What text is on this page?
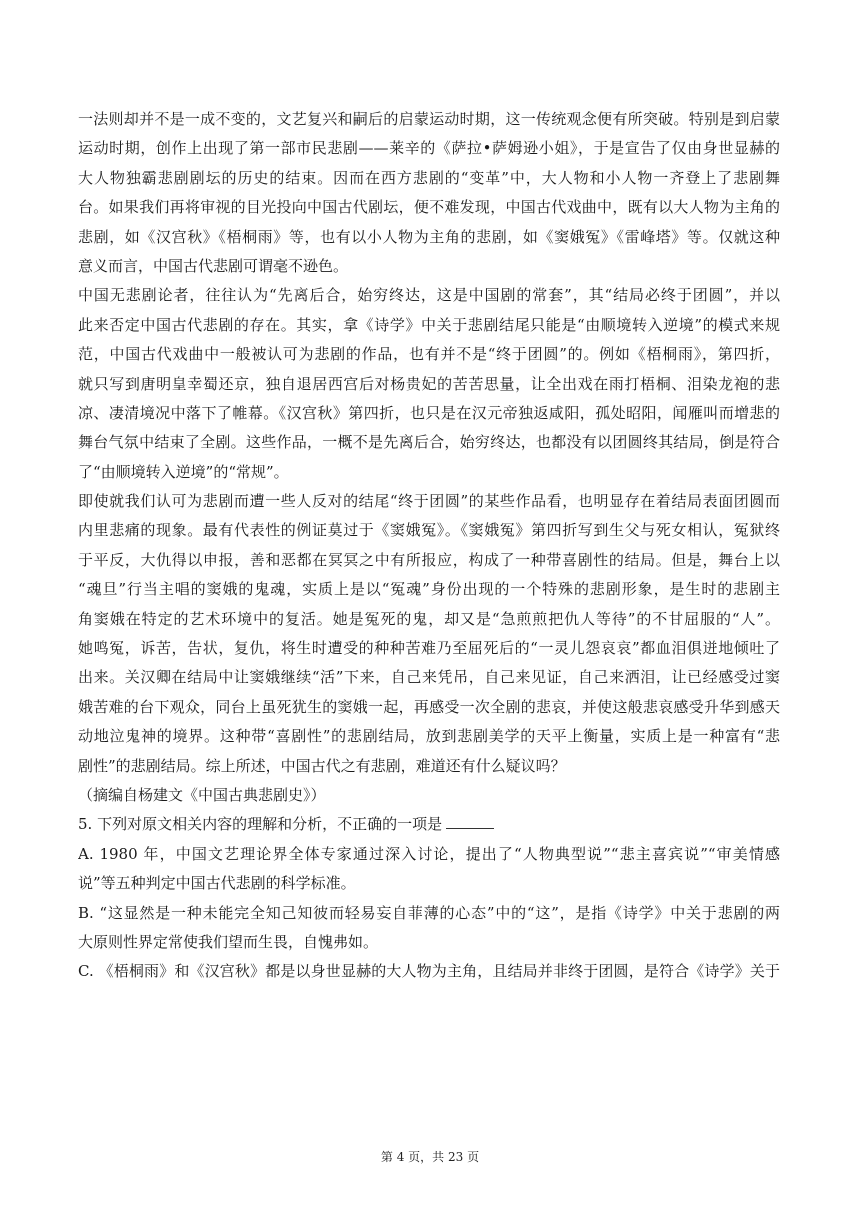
一法则却并不是一成不变的，文艺复兴和嗣后的启蒙运动时期，这一传统观念便有所突破。特别是到启蒙
运动时期，创作上出现了第一部市民悲剧——莱辛的《萨拉•萨姆逊小姐》，于是宣告了仅由身世显赫的
大人物独霸悲剧剧坛的历史的结束。因而在西方悲剧的“变革”中，大人物和小人物一齐登上了悲剧舞
台。如果我们再将审视的目光投向中国古代剧坛，便不难发现，中国古代戏曲中，既有以大人物为主角的
悲剧，如《汉宫秋》《梧桐雨》等，也有以小人物为主角的悲剧，如《窦娥冤》《雷峰塔》等。仅就这种
意义而言，中国古代悲剧可谓毫不逊色。
中国无悲剧论者，往往认为“先离后合，始穷终达，这是中国剧的常套”，其“结局必终于团圆”，并以
此来否定中国古代悲剧的存在。其实，拿《诗学》中关于悲剧结尾只能是“由顺境转入逆境”的模式来规
范，中国古代戏曲中一般被认可为悲剧的作品，也有并不是“终于团圆”的。例如《梧桐雨》，第四折，
就只写到唐明皇幸蜀还京，独自退居西宫后对杨贵妃的苦苦思量，让全出戏在雨打梧桐、泪染龙袍的悲
凉、凄清境况中落下了帷幕。《汉宫秋》第四折，也只是在汉元帝独返咸阳，孤处昭阳，闻雁叫而增悲的
舞台气氛中结束了全剧。这些作品，一概不是先离后合，始穷终达，也都没有以团圆终其结局，倒是符合
了“由顺境转入逆境”的“常规”。
即使就我们认可为悲剧而遭一些人反对的结尾“终于团圆”的某些作品看，也明显存在着结局表面团圆而
内里悲痛的现象。最有代表性的例证莫过于《窦娥冤》。《窦娥冤》第四折写到生父与死女相认，冤狱终
于平反，大仇得以申报，善和恶都在冥冥之中有所报应，构成了一种带喜剧性的结局。但是，舞台上以
“魂旦”行当主唱的窦娥的鬼魂，实质上是以“冤魂”身份出现的一个特殊的悲剧形象，是生时的悲剧主
角窦娥在特定的艺术环境中的复活。她是冤死的鬼，却又是“急煎煎把仇人等待”的不甘屈服的“人”。
她鸣冤，诉苦，告状，复仇，将生时遭受的种种苦难乃至屈死后的“一灵儿怨哀哀”都血泪俱迸地倾吐了
出来。关汉卿在结局中让窦娥继续“活”下来，自己来凭吊，自己来见证，自己来洒泪，让已经感受过窦
娥苦难的台下观众，同台上虽死犹生的窦娥一起，再感受一次全剧的悲哀，并使这般悲哀感受升华到感天
动地泣鬼神的境界。这种带“喜剧性”的悲剧结局，放到悲剧美学的天平上衡量，实质上是一种富有“悲
剧性”的悲剧结局。综上所述，中国古代之有悲剧，难道还有什么疑议吗？
（摘编自杨建文《中国古典悲剧史》）
5. 下列对原文相关内容的理解和分析，不正确的一项是
A. 1980 年，中国文艺理论界全体专家通过深入讨论，提出了“人物典型说”“悲主喜宾说”“审美情感
说”等五种判定中国古代悲剧的科学标准。
B. “这显然是一种未能完全知己知彼而轻易妄自菲薄的心态”中的“这”，是指《诗学》中关于悲剧的两
大原则性界定常使我们望而生畏，自愧弗如。
C. 《梧桐雨》和《汉宫秋》都是以身世显赫的大人物为主角，且结局并非终于团圆，是符合《诗学》关于
第 4 页，共 23 页
